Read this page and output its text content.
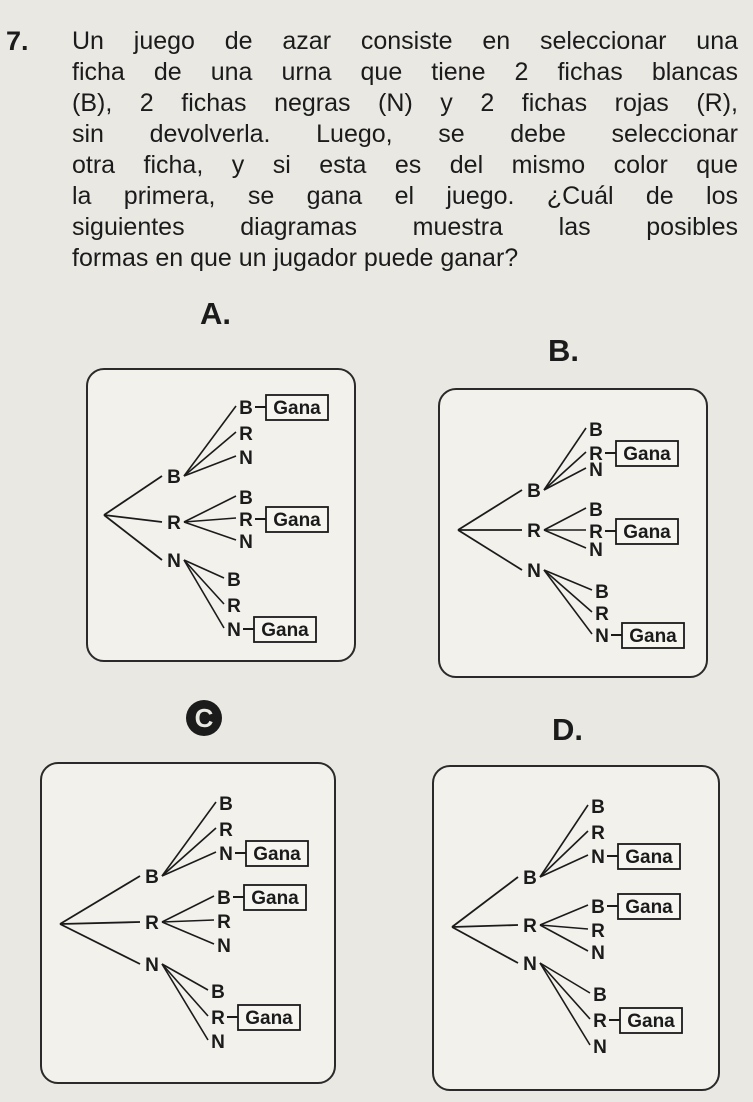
7. Un juego de azar consiste en seleccionar una
ficha de una urna que tiene 2 fichas blancas
(B), 2 fichas negras (N) y 2 fichas rojas (R),
sin devolverla. Luego, se debe seleccionar
otra ficha, y si esta es del mismo color que
la primera, se gana el juego. ¿Cuál de los
siguientes diagramas muestra las posibles
formas en que un jugador puede ganar?
A.
B.
C	D.
B
B Gana
R
N
R
B
R Gana
N
N
B
R
N Gana
B
B
R Gana
N
R
B
R Gana
N
N
B
R
N Gana
B
B
R
N Gana
R
B Gana
R
N
N
B
R Gana
N
B
B
R
N Gana
R
B Gana
R
N
N
B
R Gana
N
